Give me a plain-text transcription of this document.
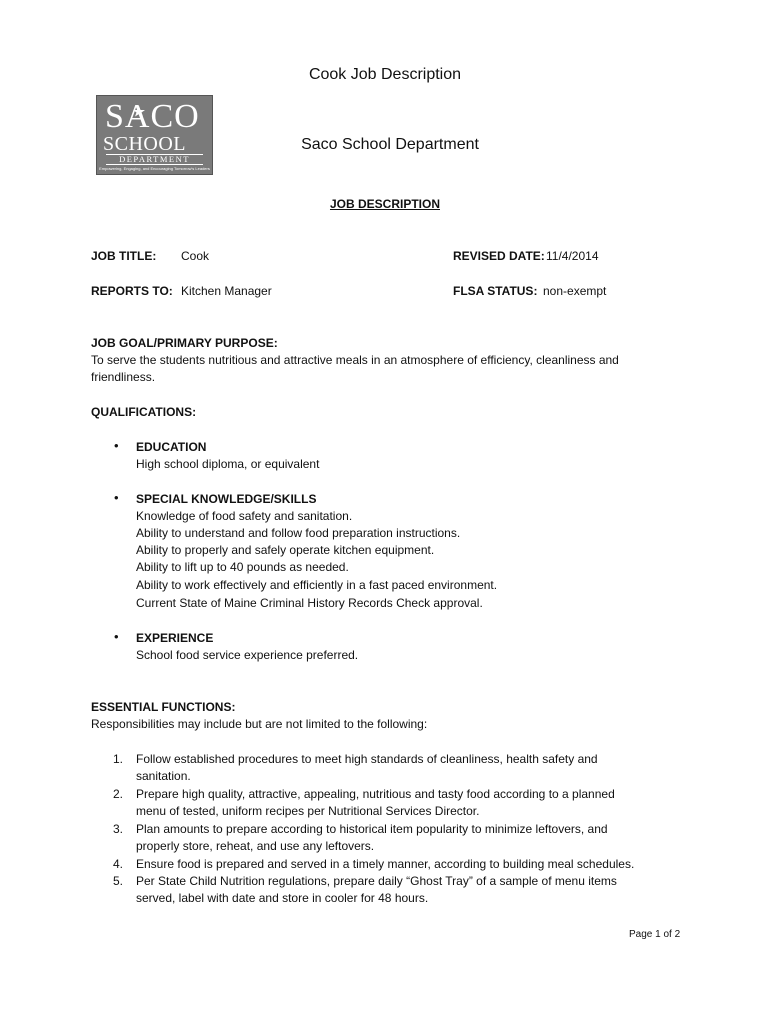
Cook Job Description
SACO
SCHOOL
DEPARTMENT
Empowering, Engaging, and Encouraging Tomorrow's Leaders
Saco School Department
JOB DESCRIPTION
JOB TITLE: Cook	REVISED DATE: 11/4/2014
REPORTS TO: Kitchen Manager	FLSA STATUS: non-exempt
JOB GOAL/PRIMARY PURPOSE:
To serve the students nutritious and attractive meals in an atmosphere of efficiency, cleanliness and
friendliness.
QUALIFICATIONS:
• EDUCATION
High school diploma, or equivalent
• SPECIAL KNOWLEDGE/SKILLS
Knowledge of food safety and sanitation.
Ability to understand and follow food preparation instructions.
Ability to properly and safely operate kitchen equipment.
Ability to lift up to 40 pounds as needed.
Ability to work effectively and efficiently in a fast paced environment.
Current State of Maine Criminal History Records Check approval.
• EXPERIENCE
School food service experience preferred.
ESSENTIAL FUNCTIONS:
Responsibilities may include but are not limited to the following:
1. Follow established procedures to meet high standards of cleanliness, health safety and
sanitation.
2. Prepare high quality, attractive, appealing, nutritious and tasty food according to a planned
menu of tested, uniform recipes per Nutritional Services Director.
3. Plan amounts to prepare according to historical item popularity to minimize leftovers, and
properly store, reheat, and use any leftovers.
4. Ensure food is prepared and served in a timely manner, according to building meal schedules.
5. Per State Child Nutrition regulations, prepare daily “Ghost Tray” of a sample of menu items
served, label with date and store in cooler for 48 hours.
Page 1 of 2
